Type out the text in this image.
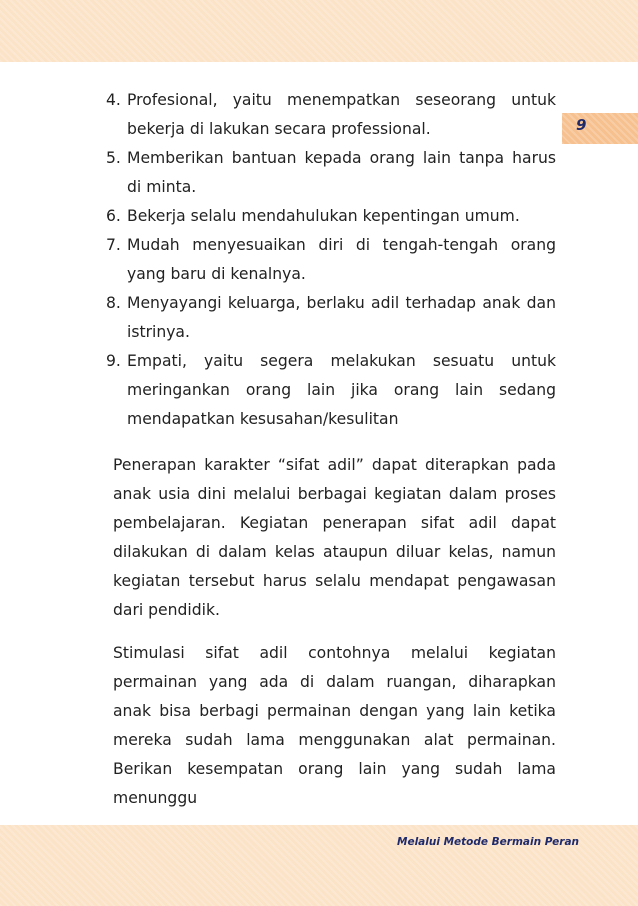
9
4. Profesional, yaitu menempatkan seseorang untuk bekerja di lakukan secara professional.
5. Memberikan bantuan kepada orang lain tanpa harus di minta.
6. Bekerja selalu mendahulukan kepentingan umum.
7. Mudah menyesuaikan diri di tengah-tengah orang yang baru di kenalnya.
8. Menyayangi keluarga, berlaku adil terhadap anak dan istrinya.
9. Empati, yaitu segera melakukan sesuatu untuk meringankan orang lain jika orang lain sedang mendapatkan kesusahan/kesulitan

Penerapan karakter “sifat adil” dapat diterapkan pada anak usia dini melalui berbagai kegiatan dalam proses pembelajaran. Kegiatan penerapan sifat adil dapat dilakukan di dalam kelas ataupun diluar kelas, namun kegiatan tersebut harus selalu mendapat pengawasan dari pendidik.

Stimulasi sifat adil contohnya melalui kegiatan permainan yang ada di dalam ruangan, diharapkan anak bisa berbagi permainan dengan yang lain ketika mereka sudah lama menggunakan alat permainan. Berikan kesempatan orang lain yang sudah lama menunggu

Melalui Metode Bermain Peran
